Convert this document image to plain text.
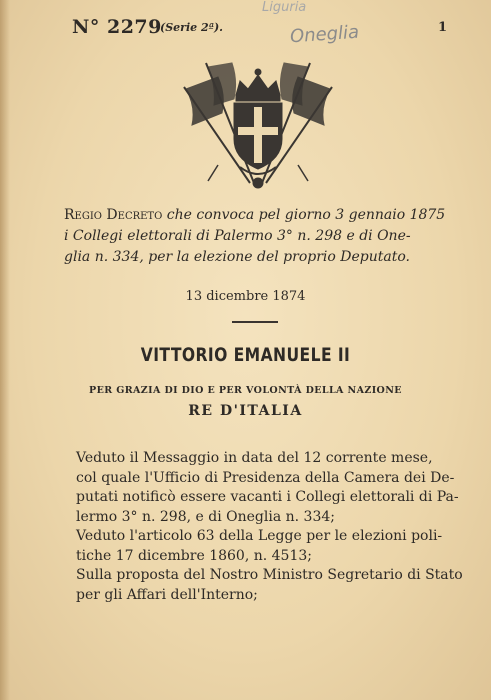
N° 2279
(Serie 2ª).	1
Liguria
Oneglia
Regio Decreto che convoca pel giorno 3 gennaio 1875
i Collegi elettorali di Palermo 3° n. 298 e di One-
glia n. 334, per la elezione del proprio Deputato.
13 dicembre 1874
VITTORIO EMANUELE II
PER GRAZIA DI DIO E PER VOLONTÀ DELLA NAZIONE
RE D'ITALIA
Veduto il Messaggio in data del 12 corrente mese,
col quale l'Ufficio di Presidenza della Camera dei De-
putati notificò essere vacanti i Collegi elettorali di Pa-
lermo 3° n. 298, e di Oneglia n. 334;
Veduto l'articolo 63 della Legge per le elezioni poli-
tiche 17 dicembre 1860, n. 4513;
Sulla proposta del Nostro Ministro Segretario di Stato
per gli Affari dell'Interno;
